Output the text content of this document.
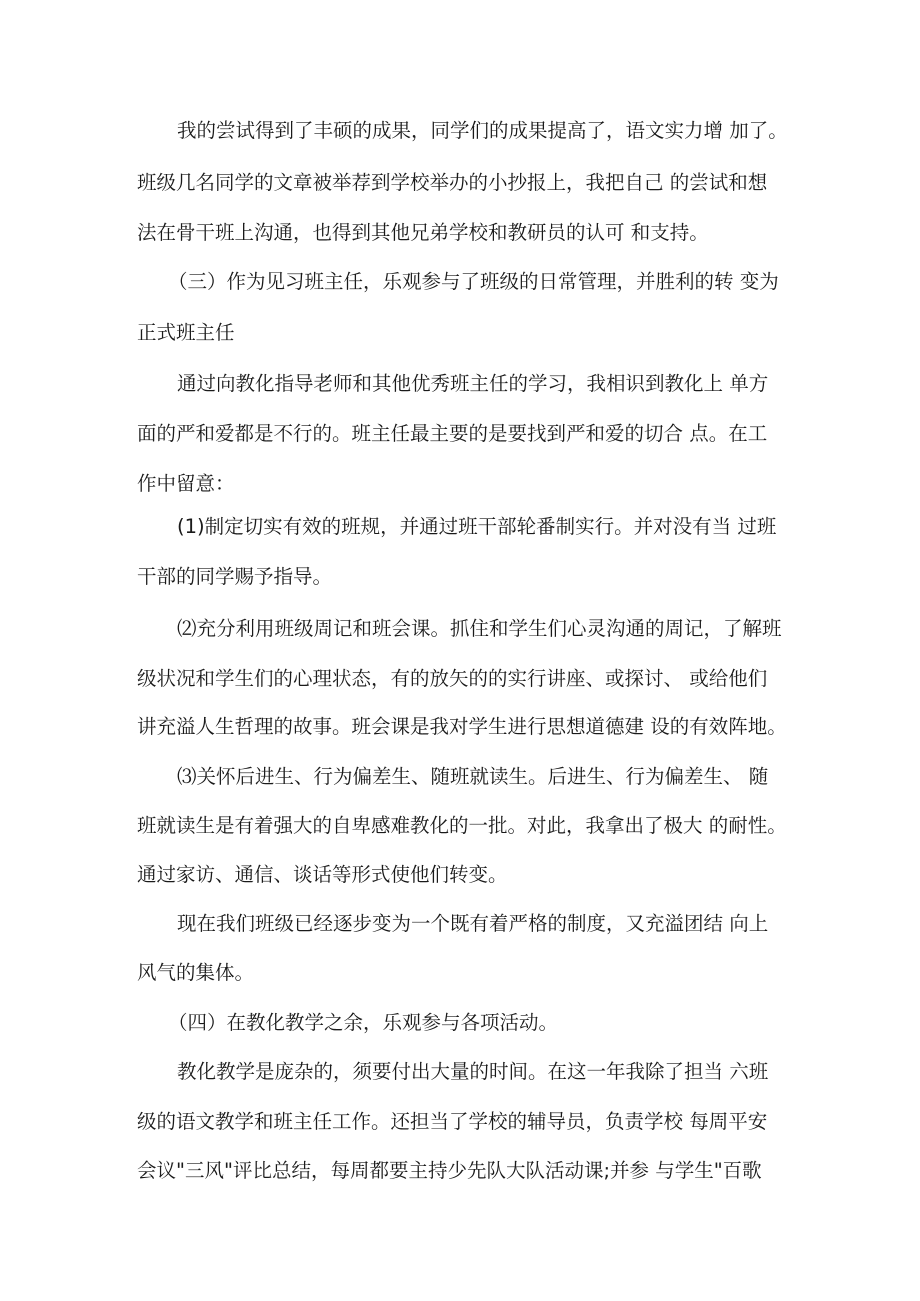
我的尝试得到了丰硕的成果，同学们的成果提高了，语文实力增 加了。
班级几名同学的文章被举荐到学校举办的小抄报上，我把自己 的尝试和想
法在骨干班上沟通，也得到其他兄弟学校和教研员的认可 和支持。
（三）作为见习班主任，乐观参与了班级的日常管理，并胜利的转 变为
正式班主任
通过向教化指导老师和其他优秀班主任的学习，我相识到教化上 单方
面的严和爱都是不行的。班主任最主要的是要找到严和爱的切合 点。在工
作中留意：
(1)制定切实有效的班规，并通过班干部轮番制实行。并对没有当 过班
干部的同学赐予指导。
⑵充分利用班级周记和班会课。抓住和学生们心灵沟通的周记，了解班
级状况和学生们的心理状态，有的放矢的的实行讲座、或探讨、 或给他们
讲充溢人生哲理的故事。班会课是我对学生进行思想道德建 设的有效阵地。
⑶关怀后进生、行为偏差生、随班就读生。后进生、行为偏差生、 随
班就读生是有着强大的自卑感难教化的一批。对此，我拿出了极大 的耐性。
通过家访、通信、谈话等形式使他们转变。
现在我们班级已经逐步变为一个既有着严格的制度，又充溢团结 向上
风气的集体。
（四）在教化教学之余，乐观参与各项活动。
教化教学是庞杂的，须要付出大量的时间。在这一年我除了担当 六班
级的语文教学和班主任工作。还担当了学校的辅导员，负责学校 每周平安
会议"三风"评比总结，每周都要主持少先队大队活动课;并参 与学生"百歌
